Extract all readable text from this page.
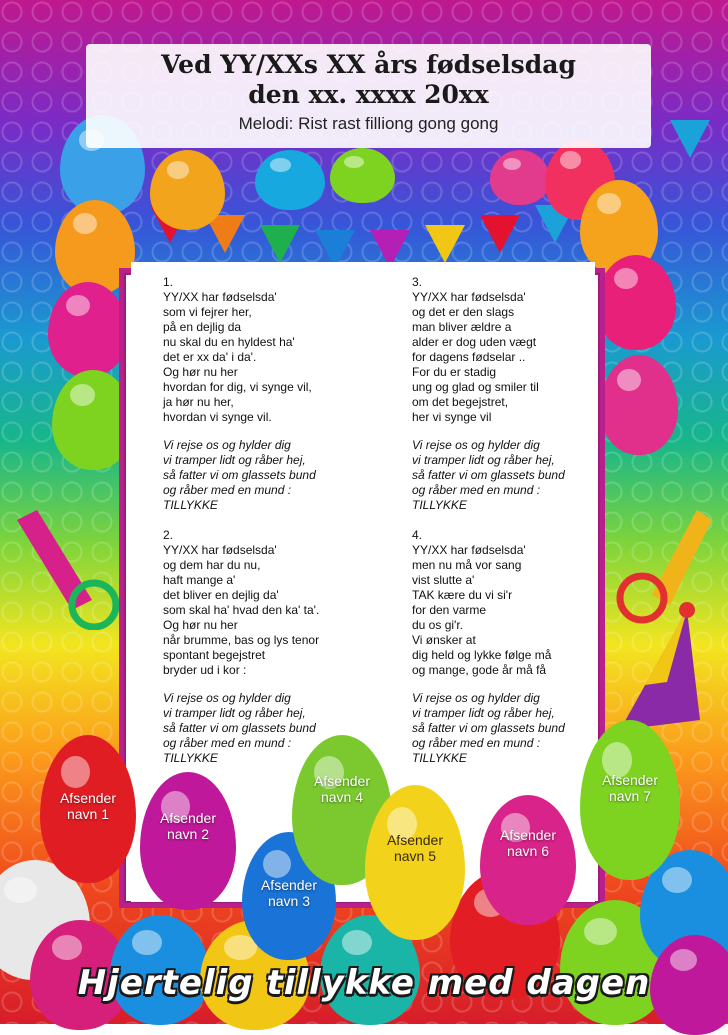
Ved YY/XXs XX års fødselsdag
den xx. xxxx 20xx
Melodi: Rist rast filliong gong gong
1.
YY/XX har fødselsda'
som vi fejrer her,
på en dejlig da
nu skal du en hyldest ha'
det er xx da' i da'.
Og hør nu her
hvordan for dig, vi synge vil,
ja hør nu her,
hvordan vi synge vil.
Vi rejse os og hylder dig
vi tramper lidt og råber hej,
så fatter vi om glassets bund
og råber med en mund :
TILLYKKE
2.
YY/XX har fødselsda'
og dem har du nu,
haft mange a'
det bliver en dejlig da'
som skal ha' hvad den ka' ta'.
Og hør nu her
når brumme, bas og lys tenor
spontant begejstret
bryder ud i kor :
Vi rejse os og hylder dig
vi tramper lidt og råber hej,
så fatter vi om glassets bund
og råber med en mund :
TILLYKKE
3.
YY/XX har fødselsda'
og det er den slags
man bliver ældre a
alder er dog uden vægt
for dagens fødselar ..
For du er stadig
ung og glad og smiler til
om det begejstret,
her vi synge vil
Vi rejse os og hylder dig
vi tramper lidt og råber hej,
så fatter vi om glassets bund
og råber med en mund :
TILLYKKE
4.
YY/XX har fødselsda'
men nu må vor sang
vist slutte a'
TAK kære du vi si'r
for den varme
du os gi'r.
Vi ønsker at
dig held og lykke følge må
og mange, gode år må få
Vi rejse os og hylder dig
vi tramper lidt og råber hej,
så fatter vi om glassets bund
og råber med en mund :
TILLYKKE
Afsender
navn 1	Afsender
navn 2
Afsender
navn 3
Afsender
navn 4
Afsender
navn 5
Afsender
navn 6
Afsender
navn 7
Hjertelig tillykke med dagen
